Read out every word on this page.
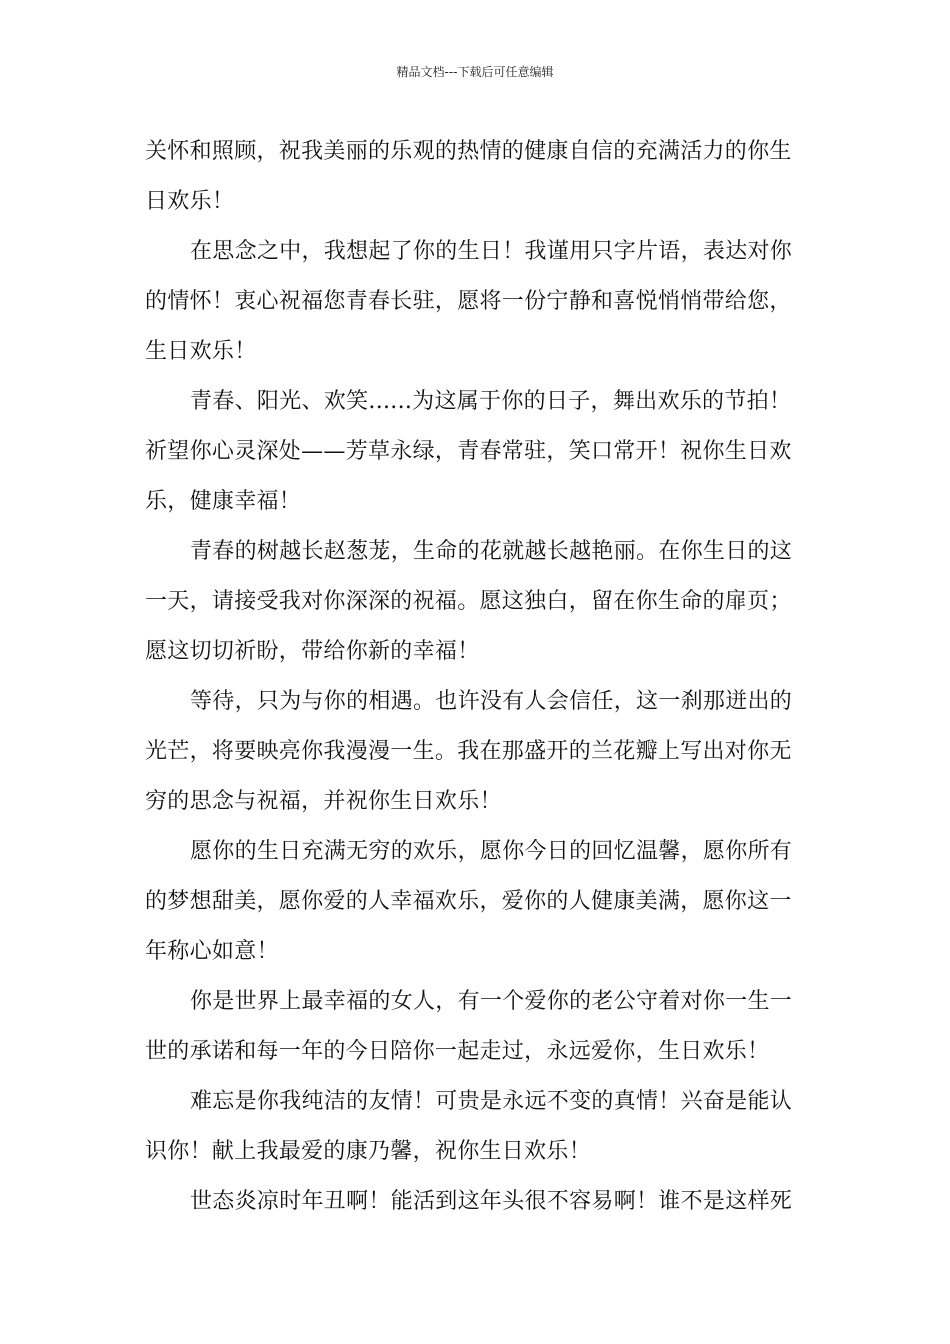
精品文档---下载后可任意编辑
关怀和照顾，祝我美丽的乐观的热情的健康自信的充满活力的你生
日欢乐！
在思念之中，我想起了你的生日！我谨用只字片语，表达对你
的情怀！衷心祝福您青春长驻，愿将一份宁静和喜悦悄悄带给您，
生日欢乐！
青春、阳光、欢笑......为这属于你的日子，舞出欢乐的节拍！
祈望你心灵深处——芳草永绿，青春常驻，笑口常开！祝你生日欢
乐，健康幸福！
青春的树越长赵葱茏，生命的花就越长越艳丽。在你生日的这
一天，请接受我对你深深的祝福。愿这独白，留在你生命的扉页；
愿这切切祈盼，带给你新的幸福！
等待，只为与你的相遇。也许没有人会信任，这一刹那迸出的
光芒，将要映亮你我漫漫一生。我在那盛开的兰花瓣上写出对你无
穷的思念与祝福，并祝你生日欢乐！
愿你的生日充满无穷的欢乐，愿你今日的回忆温馨，愿你所有
的梦想甜美，愿你爱的人幸福欢乐，爱你的人健康美满，愿你这一
年称心如意！
你是世界上最幸福的女人，有一个爱你的老公守着对你一生一
世的承诺和每一年的今日陪你一起走过，永远爱你，生日欢乐！
难忘是你我纯洁的友情！可贵是永远不变的真情！兴奋是能认
识你！献上我最爱的康乃馨，祝你生日欢乐！
世态炎凉时年丑啊！能活到这年头很不容易啊！谁不是这样死
